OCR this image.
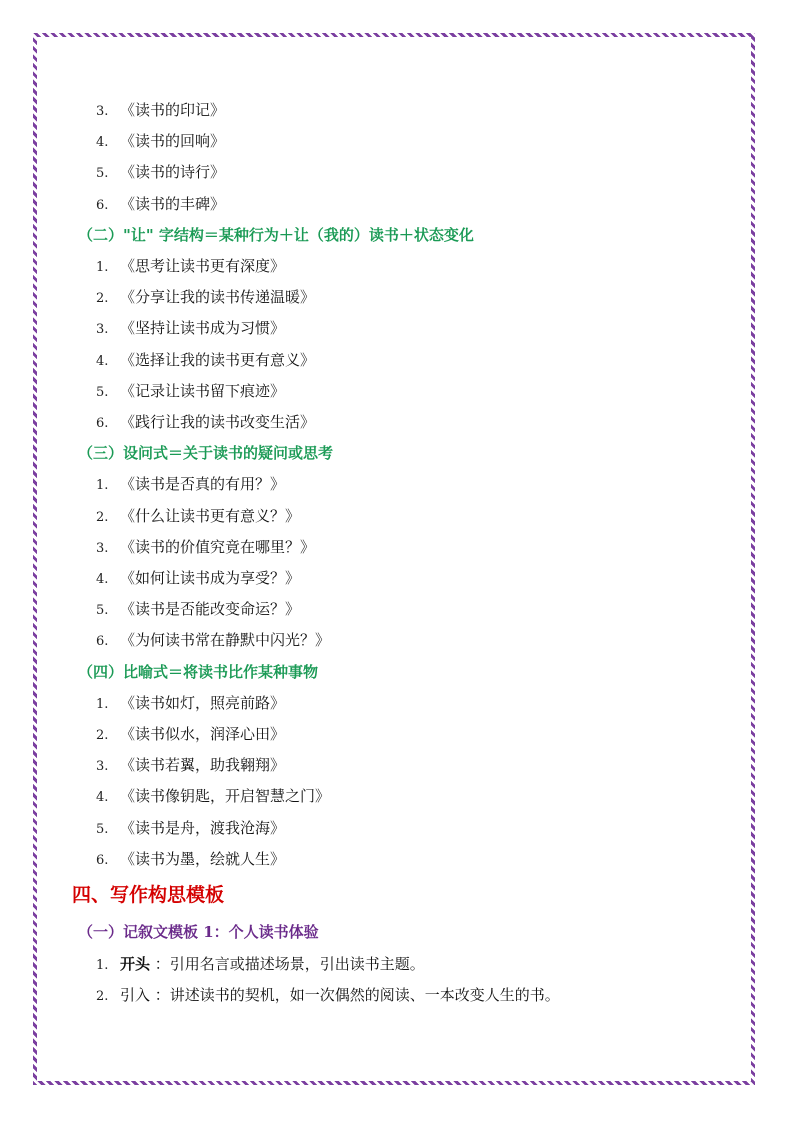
3. 《读书的印记》
4. 《读书的回响》
5. 《读书的诗行》
6. 《读书的丰碑》
（二）"让" 字结构＝某种行为＋让（我的）读书＋状态变化
1. 《思考让读书更有深度》
2. 《分享让我的读书传递温暖》
3. 《坚持让读书成为习惯》
4. 《选择让我的读书更有意义》
5. 《记录让读书留下痕迹》
6. 《践行让我的读书改变生活》
（三）设问式＝关于读书的疑问或思考
1. 《读书是否真的有用？》
2. 《什么让读书更有意义？》
3. 《读书的价值究竟在哪里？》
4. 《如何让读书成为享受？》
5. 《读书是否能改变命运？》
6. 《为何读书常在静默中闪光？》
（四）比喻式＝将读书比作某种事物
1. 《读书如灯，照亮前路》
2. 《读书似水，润泽心田》
3. 《读书若翼，助我翱翔》
4. 《读书像钥匙，开启智慧之门》
5. 《读书是舟，渡我沧海》
6. 《读书为墨，绘就人生》
四、写作构思模板
（一）记叙文模板 1：个人读书体验
1. 开头 ：引用名言或描述场景，引出读书主题。
2. 引入 ：讲述读书的契机，如一次偶然的阅读、一本改变人生的书。
